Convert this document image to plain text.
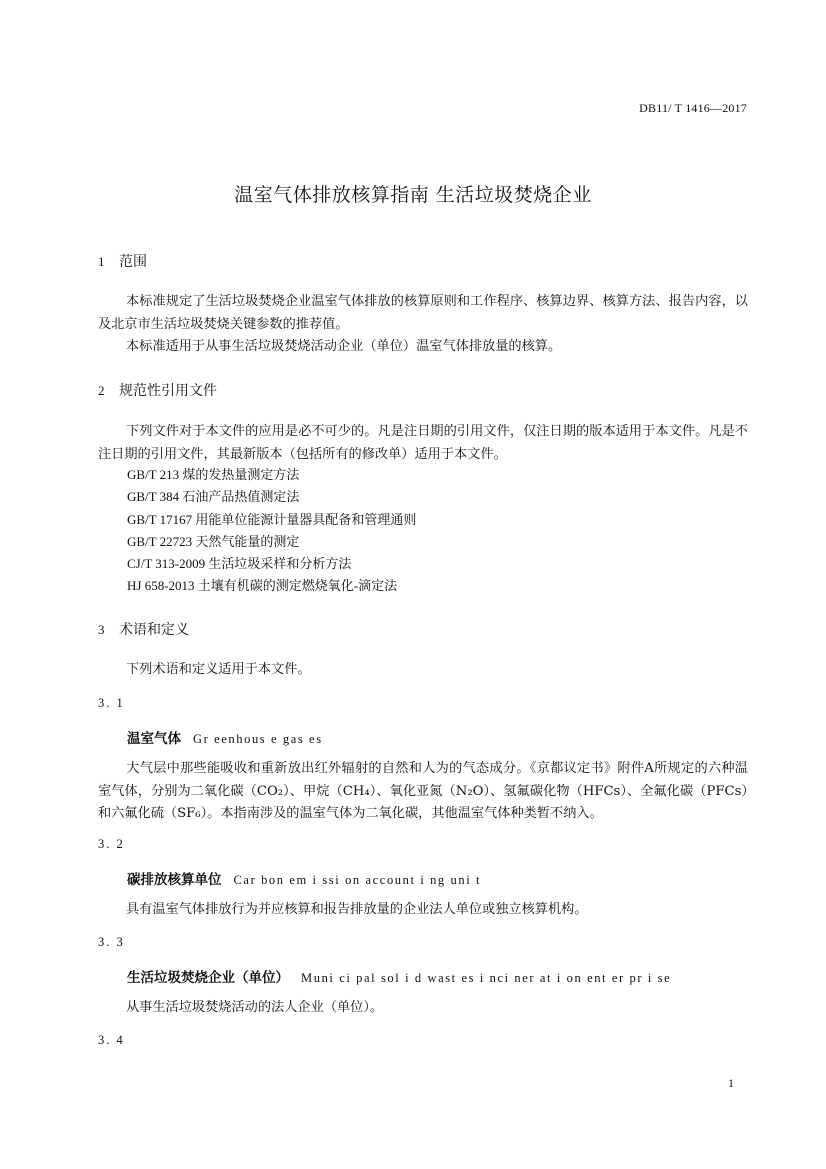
DB11/ T 1416—2017
温室气体排放核算指南 生活垃圾焚烧企业
1 范围
本标准规定了生活垃圾焚烧企业温室气体排放的核算原则和工作程序、核算边界、核算方法、报告内容，以及北京市生活垃圾焚烧关键参数的推荐值。
本标准适用于从事生活垃圾焚烧活动企业（单位）温室气体排放量的核算。
2 规范性引用文件
下列文件对于本文件的应用是必不可少的。凡是注日期的引用文件，仅注日期的版本适用于本文件。凡是不注日期的引用文件，其最新版本（包括所有的修改单）适用于本文件。
GB/T 213 煤的发热量测定方法
GB/T 384 石油产品热值测定法
GB/T 17167 用能单位能源计量器具配备和管理通则
GB/T 22723 天然气能量的测定
CJ/T 313-2009 生活垃圾采样和分析方法
HJ 658-2013 土壤有机碳的测定燃烧氧化-滴定法
3 术语和定义
下列术语和定义适用于本文件。
3. 1
温室气体 Gr eenhous e gas es
大气层中那些能吸收和重新放出红外辐射的自然和人为的气态成分。《京都议定书》附件A所规定的六种温室气体，分别为二氧化碳（CO₂）、甲烷（CH₄）、氧化亚氮（N₂O）、氢氟碳化物（HFCs）、全氟化碳（PFCs）和六氟化硫（SF₆）。本指南涉及的温室气体为二氧化碳，其他温室气体种类暂不纳入。
3. 2
碳排放核算单位 Car bon em i ssi on account i ng uni t
具有温室气体排放行为并应核算和报告排放量的企业法人单位或独立核算机构。
3. 3
生活垃圾焚烧企业（单位） Muni ci pal sol i d wast es i nci ner at i on ent er pr i se
从事生活垃圾焚烧活动的法人企业（单位）。
3. 4
1
